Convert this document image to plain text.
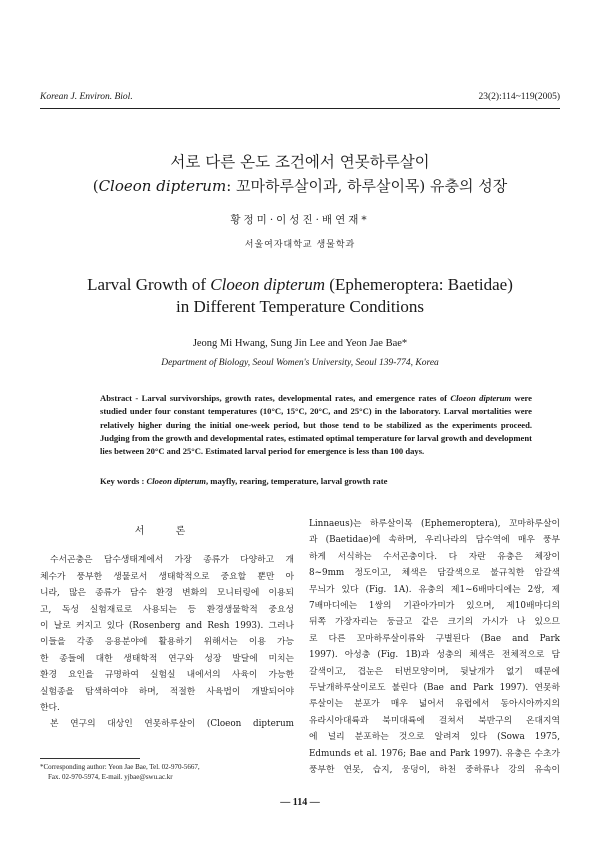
Korean J. Environ. Biol.	23(2):114~119(2005)
서로 다른 온도 조건에서 연못하루살이
(Cloeon dipterum: 꼬마하루살이과, 하루살이목) 유충의 성장
황정미·이성진·배연재*
서울여자대학교 생물학과
Larval Growth of Cloeon dipterum (Ephemeroptera: Baetidae)
in Different Temperature Conditions
Jeong Mi Hwang, Sung Jin Lee and Yeon Jae Bae*
Department of Biology, Seoul Women's University, Seoul 139-774, Korea
Abstract - Larval survivorships, growth rates, developmental rates, and emergence rates of Cloeon dipterum were studied under four constant temperatures (10°C, 15°C, 20°C, and 25°C) in the laboratory. Larval mortalities were relatively higher during the initial one-week period, but those tend to be stabilized as the experiments proceed. Judging from the growth and developmental rates, estimated optimal temperature for larval growth and development lies between 20°C and 25°C. Estimated larval period for emergence is less than 100 days.
Key words : Cloeon dipterum, mayfly, rearing, temperature, larval growth rate
서 론
수서곤충은 담수생태계에서 가장 종류가 다양하고 개
체수가 풍부한 생물로서 생태학적으로 중요할 뿐만 아
니라, 많은 종류가 담수 환경 변화의 모니터링에 이용되
고, 독성 실험재료로 사용되는 등 환경생물학적 중요성
이 날로 커지고 있다 (Rosenberg and Resh 1993). 그러나
이들을 각종 응용분야에 활용하기 위해서는 이용 가능
한 종들에 대한 생태학적 연구와 성장 발달에 미치는
환경 요인을 규명하여 실험실 내에서의 사육이 가능한
실험종을 탐색하여야 하며, 적절한 사육법이 개발되어야
한다.
본 연구의 대상인 연못하루살이 (Cloeon dipterum
Linnaeus)는 하루살이목 (Ephemeroptera), 꼬마하루살이
과 (Baetidae)에 속하며, 우리나라의 담수역에 매우 풍부
하게 서식하는 수서곤충이다. 다 자란 유충은 체장이
8~9mm 정도이고, 체색은 담갈색으로 불규칙한 암갈색
무늬가 있다 (Fig. 1A). 유충의 제1~6배마디에는 2쌍, 제
7배마디에는 1쌍의 기관아가미가 있으며, 제10배마디의
뒤쪽 가장자리는 둥글고 같은 크기의 가시가 나 있으므
로 다른 꼬마하루살이류와 구별된다 (Bae and Park
1997). 아성충 (Fig. 1B)과 성충의 체색은 전체적으로 담
갈색이고, 겹눈은 터번모양이며, 뒷날개가 없기 때문에
두날개하루살이로도 불린다 (Bae and Park 1997). 연못하
루살이는 분포가 매우 넓어서 유럽에서 동아시아까지의
유라시아대륙과 북미대륙에 걸쳐서 북반구의 온대지역
에 널리 분포하는 것으로 알려져 있다 (Sowa 1975,
Edmunds et al. 1976; Bae and Park 1997). 유충은 수초가
풍부한 연못, 습지, 웅덩이, 하천 중하류나 강의 유속이
*Corresponding author: Yeon Jae Bae, Tel. 02-970-5667,
Fax. 02-970-5974, E-mail. yjbae@swu.ac.kr
— 114 —
